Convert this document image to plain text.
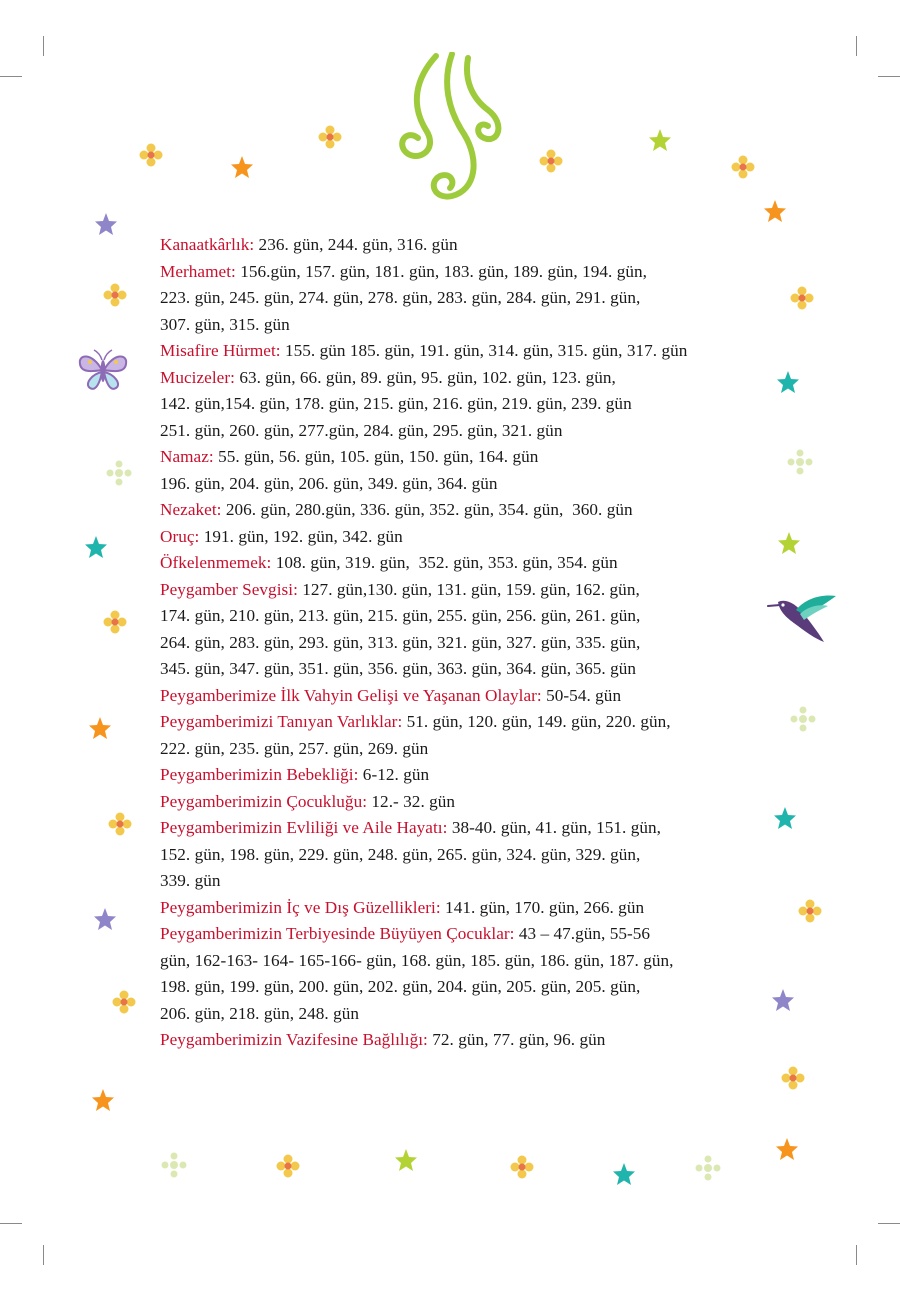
Kanaatkârlık: 236. gün, 244. gün, 316. gün
Merhamet: 156.gün, 157. gün, 181. gün, 183. gün, 189. gün, 194. gün,
223. gün, 245. gün, 274. gün, 278. gün, 283. gün, 284. gün, 291. gün,
307. gün, 315. gün
Misafire Hürmet: 155. gün 185. gün, 191. gün, 314. gün, 315. gün, 317. gün
Mucizeler: 63. gün, 66. gün, 89. gün, 95. gün, 102. gün, 123. gün,
142. gün,154. gün, 178. gün, 215. gün, 216. gün, 219. gün, 239. gün
251. gün, 260. gün, 277.gün, 284. gün, 295. gün, 321. gün
Namaz: 55. gün, 56. gün, 105. gün, 150. gün, 164. gün
196. gün, 204. gün, 206. gün, 349. gün, 364. gün
Nezaket: 206. gün, 280.gün, 336. gün, 352. gün, 354. gün,  360. gün
Oruç: 191. gün, 192. gün, 342. gün
Öfkelenmemek: 108. gün, 319. gün,  352. gün, 353. gün, 354. gün
Peygamber Sevgisi: 127. gün,130. gün, 131. gün, 159. gün, 162. gün,
174. gün, 210. gün, 213. gün, 215. gün, 255. gün, 256. gün, 261. gün,
264. gün, 283. gün, 293. gün, 313. gün, 321. gün, 327. gün, 335. gün,
345. gün, 347. gün, 351. gün, 356. gün, 363. gün, 364. gün, 365. gün
Peygamberimize İlk Vahyin Gelişi ve Yaşanan Olaylar: 50-54. gün
Peygamberimizi Tanıyan Varlıklar: 51. gün, 120. gün, 149. gün, 220. gün,
222. gün, 235. gün, 257. gün, 269. gün
Peygamberimizin Bebekliği: 6-12. gün
Peygamberimizin Çocukluğu: 12.- 32. gün
Peygamberimizin Evliliği ve Aile Hayatı: 38-40. gün, 41. gün, 151. gün,
152. gün, 198. gün, 229. gün, 248. gün, 265. gün, 324. gün, 329. gün,
339. gün
Peygamberimizin İç ve Dış Güzellikleri: 141. gün, 170. gün, 266. gün
Peygamberimizin Terbiyesinde Büyüyen Çocuklar: 43 – 47.gün, 55-56
gün, 162-163- 164- 165-166- gün, 168. gün, 185. gün, 186. gün, 187. gün,
198. gün, 199. gün, 200. gün, 202. gün, 204. gün, 205. gün, 205. gün,
206. gün, 218. gün, 248. gün
Peygamberimizin Vazifesine Bağlılığı: 72. gün, 77. gün, 96. gün
